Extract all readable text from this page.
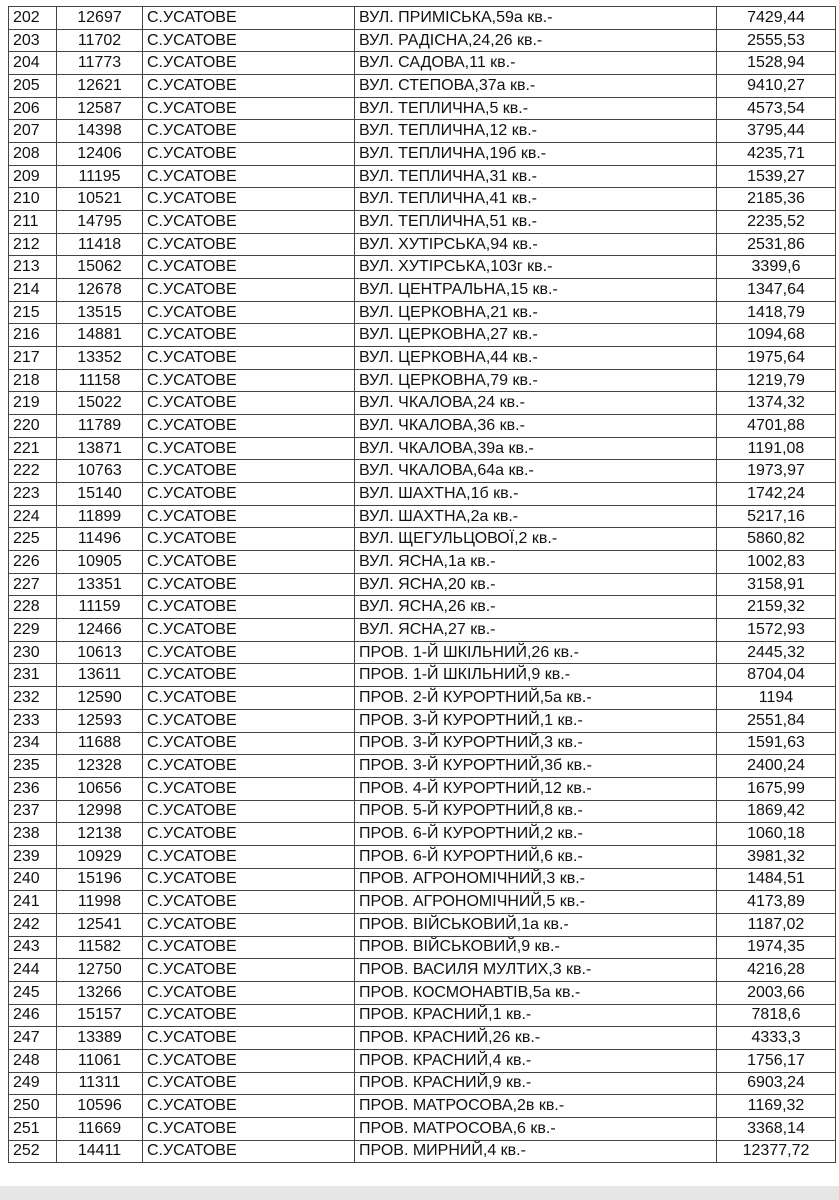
202	12697	С.УСАТОВЕ	ВУЛ. ПРИМІСЬКА,59а кв.-	7429,44
203	11702	С.УСАТОВЕ	ВУЛ. РАДІСНА,24,26 кв.-	2555,53
204	11773	С.УСАТОВЕ	ВУЛ. САДОВА,11 кв.-	1528,94
205	12621	С.УСАТОВЕ	ВУЛ. СТЕПОВА,37а кв.-	9410,27
206	12587	С.УСАТОВЕ	ВУЛ. ТЕПЛИЧНА,5 кв.-	4573,54
207	14398	С.УСАТОВЕ	ВУЛ. ТЕПЛИЧНА,12 кв.-	3795,44
208	12406	С.УСАТОВЕ	ВУЛ. ТЕПЛИЧНА,19б кв.-	4235,71
209	11195	С.УСАТОВЕ	ВУЛ. ТЕПЛИЧНА,31 кв.-	1539,27
210	10521	С.УСАТОВЕ	ВУЛ. ТЕПЛИЧНА,41 кв.-	2185,36
211	14795	С.УСАТОВЕ	ВУЛ. ТЕПЛИЧНА,51 кв.-	2235,52
212	11418	С.УСАТОВЕ	ВУЛ. ХУТІРСЬКА,94 кв.-	2531,86
213	15062	С.УСАТОВЕ	ВУЛ. ХУТІРСЬКА,103г кв.-	3399,6
214	12678	С.УСАТОВЕ	ВУЛ. ЦЕНТРАЛЬНА,15 кв.-	1347,64
215	13515	С.УСАТОВЕ	ВУЛ. ЦЕРКОВНА,21 кв.-	1418,79
216	14881	С.УСАТОВЕ	ВУЛ. ЦЕРКОВНА,27 кв.-	1094,68
217	13352	С.УСАТОВЕ	ВУЛ. ЦЕРКОВНА,44 кв.-	1975,64
218	11158	С.УСАТОВЕ	ВУЛ. ЦЕРКОВНА,79 кв.-	1219,79
219	15022	С.УСАТОВЕ	ВУЛ. ЧКАЛОВА,24 кв.-	1374,32
220	11789	С.УСАТОВЕ	ВУЛ. ЧКАЛОВА,36 кв.-	4701,88
221	13871	С.УСАТОВЕ	ВУЛ. ЧКАЛОВА,39а кв.-	1191,08
222	10763	С.УСАТОВЕ	ВУЛ. ЧКАЛОВА,64а кв.-	1973,97
223	15140	С.УСАТОВЕ	ВУЛ. ШАХТНА,1б кв.-	1742,24
224	11899	С.УСАТОВЕ	ВУЛ. ШАХТНА,2а кв.-	5217,16
225	11496	С.УСАТОВЕ	ВУЛ. ЩЕГУЛЬЦОВОЇ,2 кв.-	5860,82
226	10905	С.УСАТОВЕ	ВУЛ. ЯСНА,1а кв.-	1002,83
227	13351	С.УСАТОВЕ	ВУЛ. ЯСНА,20 кв.-	3158,91
228	11159	С.УСАТОВЕ	ВУЛ. ЯСНА,26 кв.-	2159,32
229	12466	С.УСАТОВЕ	ВУЛ. ЯСНА,27 кв.-	1572,93
230	10613	С.УСАТОВЕ	ПРОВ. 1-Й ШКІЛЬНИЙ,26 кв.-	2445,32
231	13611	С.УСАТОВЕ	ПРОВ. 1-Й ШКІЛЬНИЙ,9 кв.-	8704,04
232	12590	С.УСАТОВЕ	ПРОВ. 2-Й КУРОРТНИЙ,5а кв.-	1194
233	12593	С.УСАТОВЕ	ПРОВ. 3-Й КУРОРТНИЙ,1 кв.-	2551,84
234	11688	С.УСАТОВЕ	ПРОВ. 3-Й КУРОРТНИЙ,3 кв.-	1591,63
235	12328	С.УСАТОВЕ	ПРОВ. 3-Й КУРОРТНИЙ,3б кв.-	2400,24
236	10656	С.УСАТОВЕ	ПРОВ. 4-Й КУРОРТНИЙ,12 кв.-	1675,99
237	12998	С.УСАТОВЕ	ПРОВ. 5-Й КУРОРТНИЙ,8 кв.-	1869,42
238	12138	С.УСАТОВЕ	ПРОВ. 6-Й КУРОРТНИЙ,2 кв.-	1060,18
239	10929	С.УСАТОВЕ	ПРОВ. 6-Й КУРОРТНИЙ,6 кв.-	3981,32
240	15196	С.УСАТОВЕ	ПРОВ. АГРОНОМІЧНИЙ,3 кв.-	1484,51
241	11998	С.УСАТОВЕ	ПРОВ. АГРОНОМІЧНИЙ,5 кв.-	4173,89
242	12541	С.УСАТОВЕ	ПРОВ. ВІЙСЬКОВИЙ,1а кв.-	1187,02
243	11582	С.УСАТОВЕ	ПРОВ. ВІЙСЬКОВИЙ,9 кв.-	1974,35
244	12750	С.УСАТОВЕ	ПРОВ. ВАСИЛЯ МУЛТИХ,3 кв.-	4216,28
245	13266	С.УСАТОВЕ	ПРОВ. КОСМОНАВТІВ,5а кв.-	2003,66
246	15157	С.УСАТОВЕ	ПРОВ. КРАСНИЙ,1 кв.-	7818,6
247	13389	С.УСАТОВЕ	ПРОВ. КРАСНИЙ,26 кв.-	4333,3
248	11061	С.УСАТОВЕ	ПРОВ. КРАСНИЙ,4 кв.-	1756,17
249	11311	С.УСАТОВЕ	ПРОВ. КРАСНИЙ,9 кв.-	6903,24
250	10596	С.УСАТОВЕ	ПРОВ. МАТРОСОВА,2в кв.-	1169,32
251	11669	С.УСАТОВЕ	ПРОВ. МАТРОСОВА,6 кв.-	3368,14
252	14411	С.УСАТОВЕ	ПРОВ. МИРНИЙ,4 кв.-	12377,72
